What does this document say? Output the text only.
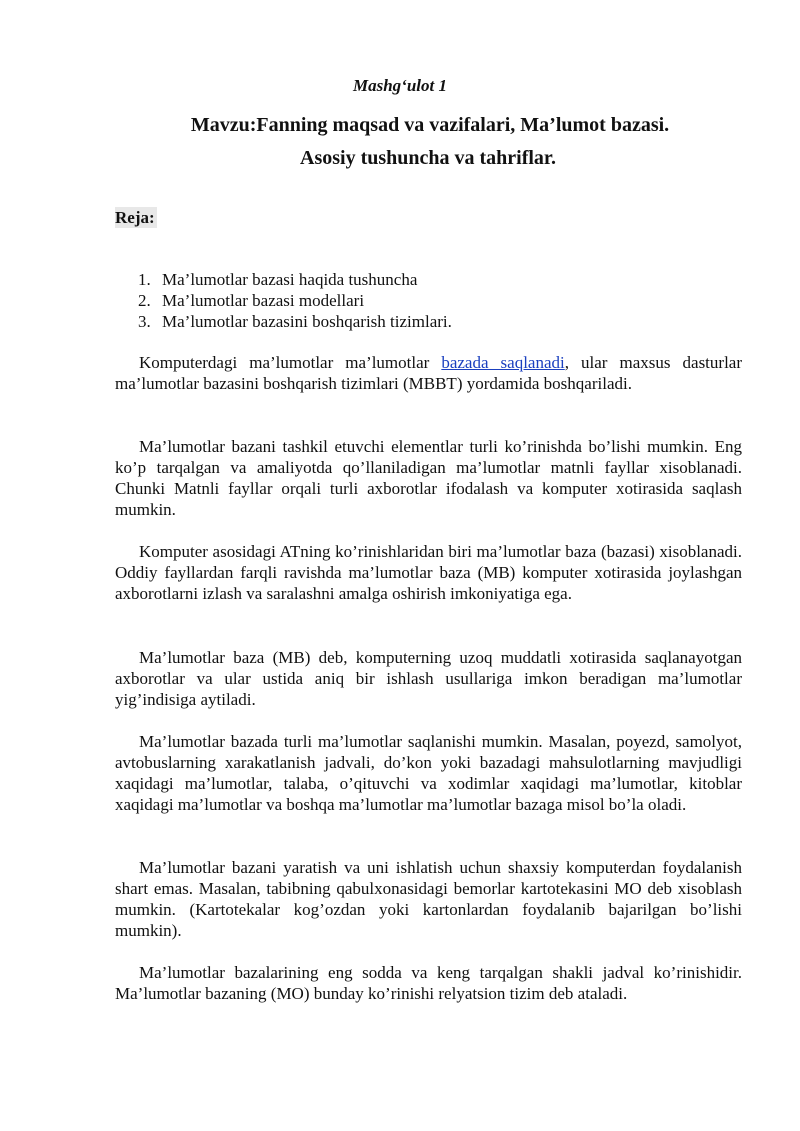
Mashg‘ulot 1
Mavzu:Fanning maqsad va vazifalari, Ma’lumot bazasi.
Asosiy tushuncha va tahriflar.
Reja:
1. Ma’lumotlar bazasi haqida tushuncha
2. Ma’lumotlar bazasi modellari
3. Ma’lumotlar bazasini boshqarish tizimlari.

Komputerdagi ma’lumotlar ma’lumotlar bazada saqlanadi, ular maxsus dasturlar ma’lumotlar bazasini boshqarish tizimlari (MBBT) yordamida boshqariladi.

Ma’lumotlar bazani tashkil etuvchi elementlar turli ko’rinishda bo’lishi mumkin. Eng ko’p tarqalgan va amaliyotda qo’llaniladigan ma’lumotlar matnli fayllar xisoblanadi. Chunki Matnli fayllar orqali turli axborotlar ifodalash va komputer xotirasida saqlash mumkin.

Komputer asosidagi ATning ko’rinishlaridan biri ma’lumotlar baza (bazasi) xisoblanadi. Oddiy fayllardan farqli ravishda ma’lumotlar baza (MB) komputer xotirasida joylashgan axborotlarni izlash va saralashni amalga oshirish imkoniyatiga ega.

Ma’lumotlar baza (MB) deb, komputerning uzoq muddatli xotirasida saqlanayotgan axborotlar va ular ustida aniq bir ishlash usullariga imkon beradigan ma’lumotlar yig’indisiga aytiladi.

Ma’lumotlar bazada turli ma’lumotlar saqlanishi mumkin. Masalan, poyezd, samolyot, avtobuslarning xarakatlanish jadvali, do’kon yoki bazadagi mahsulotlarning mavjudligi xaqidagi ma’lumotlar, talaba, o’qituvchi va xodimlar xaqidagi ma’lumotlar, kitoblar xaqidagi ma’lumotlar va boshqa ma’lumotlar ma’lumotlar bazaga misol bo’la oladi.

Ma’lumotlar bazani yaratish va uni ishlatish uchun shaxsiy komputerdan foydalanish shart emas. Masalan, tabibning qabulxonasidagi bemorlar kartotekasini MO deb xisoblash mumkin. (Kartotekalar kog’ozdan yoki kartonlardan foydalanib bajarilgan bo’lishi mumkin).

Ma’lumotlar bazalarining eng sodda va keng tarqalgan shakli jadval ko’rinishidir. Ma’lumotlar bazaning (MO) bunday ko’rinishi relyatsion tizim deb ataladi.
